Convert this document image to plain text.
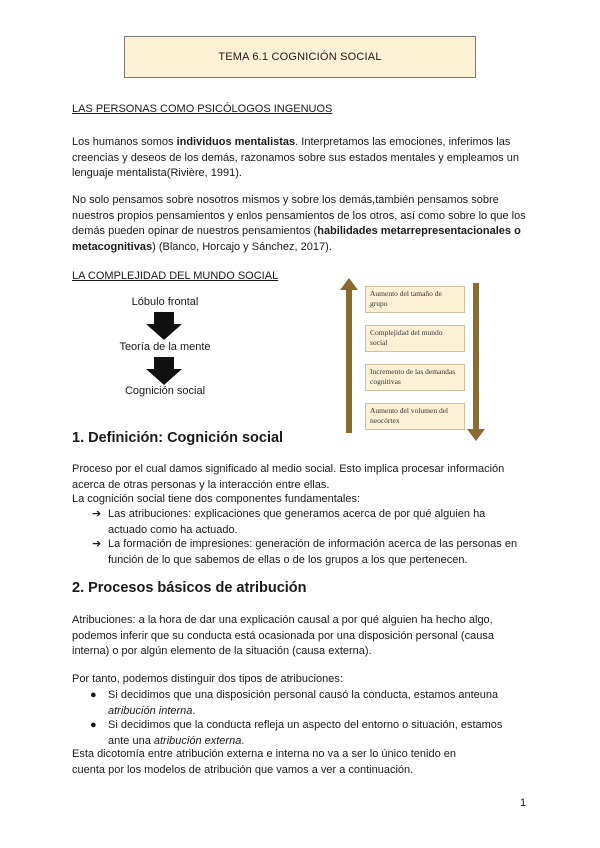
TEMA 6.1 COGNICIÓN SOCIAL
LAS PERSONAS COMO PSICÓLOGOS INGENUOS
Los humanos somos individuos mentalistas. Interpretamos las emociones, inferimos las creencias y deseos de los demás, razonamos sobre sus estados mentales y empleamos un lenguaje mentalista(Rivière, 1991).
No solo pensamos sobre nosotros mismos y sobre los demás,también pensamos sobre nuestros propios pensamientos y enlos pensamientos de los otros, así como sobre lo que los demás pueden opinar de nuestros pensamientos (habilidades metarrepresentacionales o metacognitivas) (Blanco, Horcajo y Sánchez, 2017).
LA COMPLEJIDAD DEL MUNDO SOCIAL
Lóbulo frontal
Teoría de la mente
Cognición social
Aumento del tamaño de grupo
Complejidad del mundo social
Incremento de las demandas cognitivas
Aumento del volumen del neocórtex
1. Definición: Cognición social
Proceso por el cual damos significado al medio social. Esto implica procesar información acerca de otras personas y la interacción entre ellas.
La cognición social tiene dos componentes fundamentales:
➔ Las atribuciones: explicaciones que generamos acerca de por qué alguien ha actuado como ha actuado.
➔ La formación de impresiones: generación de información acerca de las personas en función de lo que sabemos de ellas o de los grupos a los que pertenecen.
2. Procesos básicos de atribución
Atribuciones: a la hora de dar una explicación causal a por qué alguien ha hecho algo, podemos inferir que su conducta está ocasionada por una disposición personal (causa interna) o por algún elemento de la situación (causa externa).
Por tanto, podemos distinguir dos tipos de atribuciones:
● Si decidimos que una disposición personal causó la conducta, estamos anteuna atribución interna.
● Si decidimos que la conducta refleja un aspecto del entorno o situación, estamos ante una atribución externa.
Esta dicotomía entre atribución externa e interna no va a ser lo único tenido en cuenta por los modelos de atribución que vamos a ver a continuación.
1
